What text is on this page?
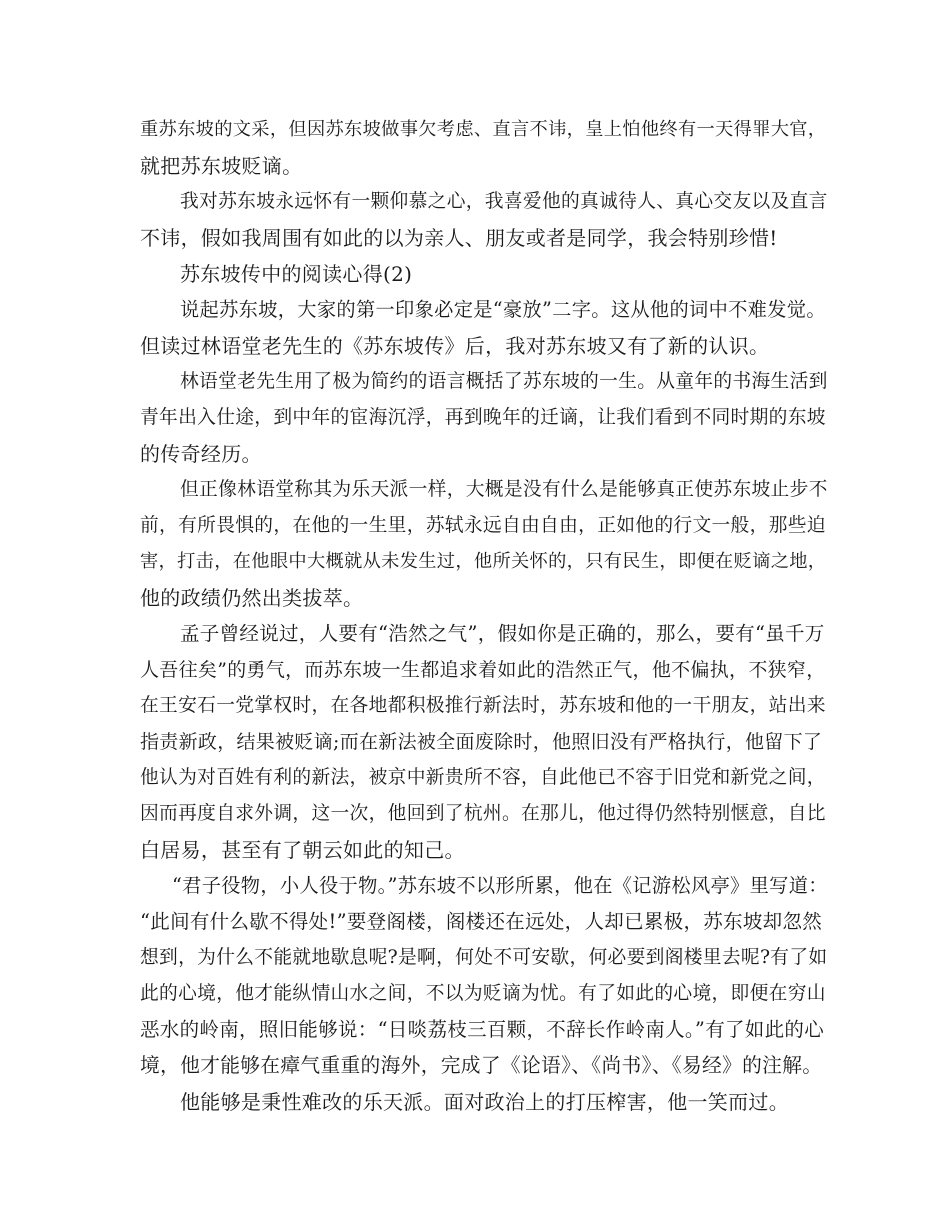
重苏东坡的文采，但因苏东坡做事欠考虑、直言不讳，皇上怕他终有一天得罪大官，
就把苏东坡贬谪。
我对苏东坡永远怀有一颗仰慕之心，我喜爱他的真诚待人、真心交友以及直言
不讳，假如我周围有如此的以为亲人、朋友或者是同学，我会特别珍惜!
苏东坡传中的阅读心得(2)
说起苏东坡，大家的第一印象必定是“豪放”二字。这从他的词中不难发觉。
但读过林语堂老先生的《苏东坡传》后，我对苏东坡又有了新的认识。
林语堂老先生用了极为简约的语言概括了苏东坡的一生。从童年的书海生活到
青年出入仕途，到中年的宦海沉浮，再到晚年的迁谪，让我们看到不同时期的东坡
的传奇经历。
但正像林语堂称其为乐天派一样，大概是没有什么是能够真正使苏东坡止步不
前，有所畏惧的，在他的一生里，苏轼永远自由自由，正如他的行文一般，那些迫
害，打击，在他眼中大概就从未发生过，他所关怀的，只有民生，即便在贬谪之地，
他的政绩仍然出类拔萃。
孟子曾经说过，人要有“浩然之气”，假如你是正确的，那么，要有“虽千万
人吾往矣”的勇气，而苏东坡一生都追求着如此的浩然正气，他不偏执，不狭窄，
在王安石一党掌权时，在各地都积极推行新法时，苏东坡和他的一干朋友，站出来
指责新政，结果被贬谪;而在新法被全面废除时，他照旧没有严格执行，他留下了
他认为对百姓有利的新法，被京中新贵所不容，自此他已不容于旧党和新党之间，
因而再度自求外调，这一次，他回到了杭州。在那儿，他过得仍然特别惬意，自比
白居易，甚至有了朝云如此的知己。
“君子役物，小人役于物。”苏东坡不以形所累，他在《记游松风亭》里写道：
“此间有什么歇不得处!”要登阁楼，阁楼还在远处，人却已累极，苏东坡却忽然
想到，为什么不能就地歇息呢?是啊，何处不可安歇，何必要到阁楼里去呢?有了如
此的心境，他才能纵情山水之间，不以为贬谪为忧。有了如此的心境，即便在穷山
恶水的岭南，照旧能够说：“日啖荔枝三百颗，不辞长作岭南人。”有了如此的心
境，他才能够在瘴气重重的海外，完成了《论语》、《尚书》、《易经》的注解。
他能够是秉性难改的乐天派。面对政治上的打压榨害，他一笑而过。
